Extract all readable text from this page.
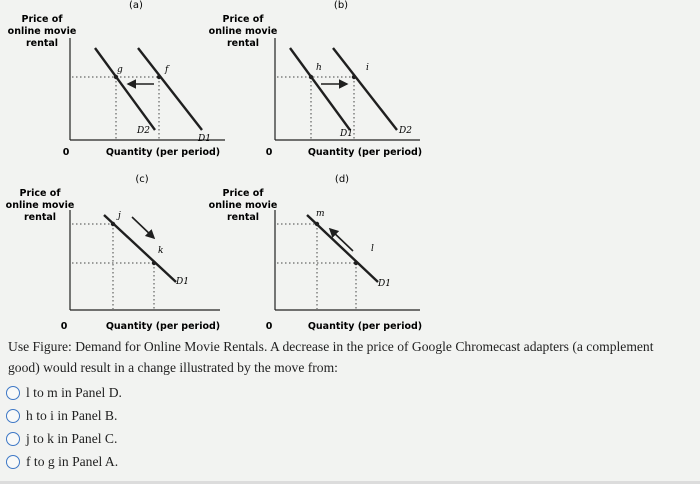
(a)
Price of
online movie
rental
0	Quantity (per period)
D2
D1
g	f
(b)
Price of
online movie
rental
0	Quantity (per period)
D1	D2
h	i
(c)
Price of
online movie
rental
0	Quantity (per period)
D1
j
k
(d)
Price of
online movie
rental
0	Quantity (per period)
D1
m
l
Use Figure: Demand for Online Movie Rentals. A decrease in the price of Google Chromecast adapters (a complement good) would result in a change illustrated by the move from:
l to m in Panel D.
h to i in Panel B.
j to k in Panel C.
f to g in Panel A.
